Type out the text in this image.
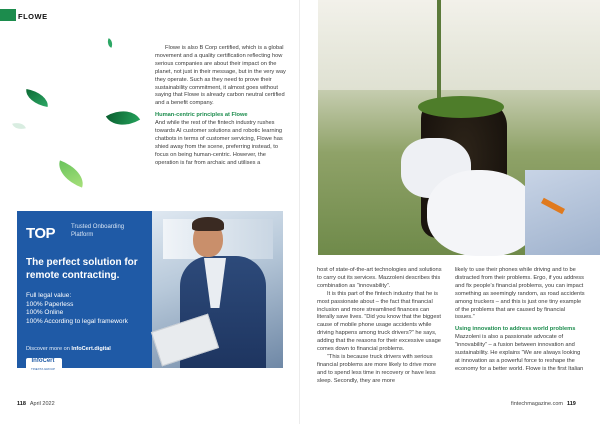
FLOWE

Flowe is also B Corp certified, which is a global movement and a quality certification reflecting how serious companies are about their impact on the planet, not just in their message, but in the very way they operate. Such as they need to prove their sustainability commitment, it almost goes without saying that Flowe is already carbon neutral certified and a benefit company.

Human-centric principles at Flowe

And while the rest of the fintech industry rushes towards AI customer solutions and robotic learning chatbots in terms of customer servicing, Flowe has shied away from the scene, preferring instead, to focus on being human-centric. However, the operation is far from archaic and utilises a

118 April 2022
TOP	Trusted Onboarding Platform
The perfect solution for remote contracting.
Full legal value:
100% Paperless
100% Online
100% According to legal framework
Discover more on InfoCert.digital
InfoCert
TINEXTA GROUP

host of state-of-the-art technologies and solutions to carry out its services. Mazzoleni describes this combination as “innovability”.

It is this part of the fintech industry that he is most passionate about – the fact that financial inclusion and more streamlined finances can literally save lives. “Did you know that the biggest cause of mobile phone usage accidents while driving happens among truck drivers?” he says, adding that the reasons for their excessive usage comes down to financial problems.

“This is because truck drivers with serious financial problems are more likely to drive more and to spend less time in recovery or have less sleep. Secondly, they are more

likely to use their phones while driving and to be distracted from their problems. Ergo, if you address and fix people’s financial problems, you can impact something as seemingly random, as road accidents among truckers – and this is just one tiny example of the problems that are caused by financial issues.”

Using innovation to address world problems

Mazzoleni is also a passionate advocate of “innovability” – a fusion between innovation and sustainability. He explains “We are always looking at innovation as a powerful force to reshape the economy for a better world. Flowe is the first Italian

fintechmagazine.com 119
